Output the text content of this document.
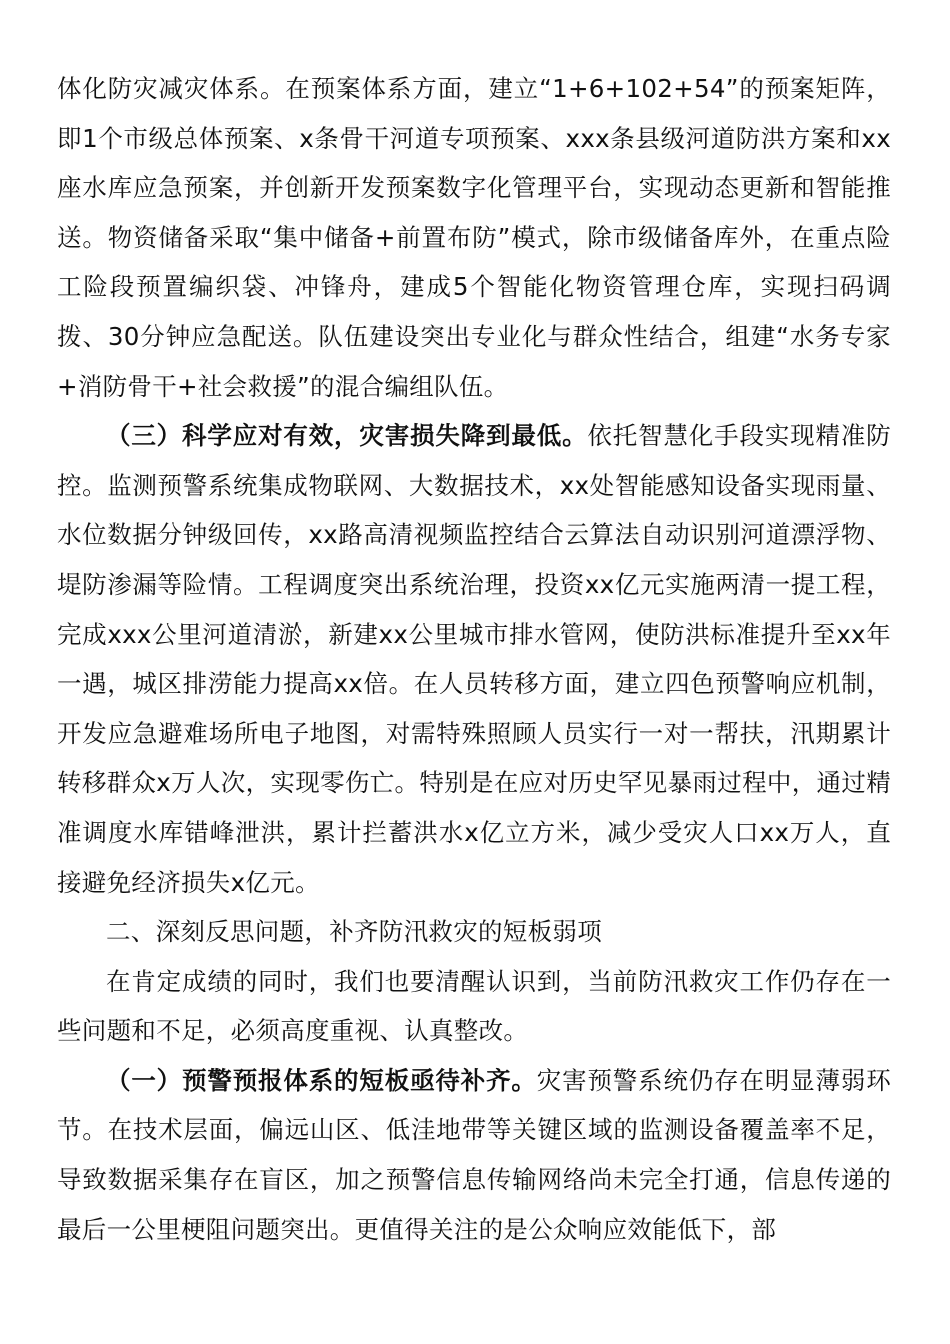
体化防灾减灾体系。在预案体系方面，建立“1+6+102+54”的预案矩阵，即1个市级总体预案、x条骨干河道专项预案、xxx条县级河道防洪方案和xx座水库应急预案，并创新开发预案数字化管理平台，实现动态更新和智能推送。物资储备采取“集中储备+前置布防”模式，除市级储备库外，在重点险工险段预置编织袋、冲锋舟，建成5个智能化物资管理仓库，实现扫码调拨、30分钟应急配送。队伍建设突出专业化与群众性结合，组建“水务专家+消防骨干+社会救援”的混合编组队伍。

（三）科学应对有效，灾害损失降到最低。依托智慧化手段实现精准防控。监测预警系统集成物联网、大数据技术，xx处智能感知设备实现雨量、水位数据分钟级回传，xx路高清视频监控结合云算法自动识别河道漂浮物、堤防渗漏等险情。工程调度突出系统治理，投资xx亿元实施两清一提工程，完成xxx公里河道清淤，新建xx公里城市排水管网，使防洪标准提升至xx年一遇，城区排涝能力提高xx倍。在人员转移方面，建立四色预警响应机制，开发应急避难场所电子地图，对需特殊照顾人员实行一对一帮扶，汛期累计转移群众x万人次，实现零伤亡。特别是在应对历史罕见暴雨过程中，通过精准调度水库错峰泄洪，累计拦蓄洪水x亿立方米，减少受灾人口xx万人，直接避免经济损失x亿元。

二、深刻反思问题，补齐防汛救灾的短板弱项

在肯定成绩的同时，我们也要清醒认识到，当前防汛救灾工作仍存在一些问题和不足，必须高度重视、认真整改。

（一）预警预报体系的短板亟待补齐。灾害预警系统仍存在明显薄弱环节。在技术层面，偏远山区、低洼地带等关键区域的监测设备覆盖率不足，导致数据采集存在盲区，加之预警信息传输网络尚未完全打通，信息传递的最后一公里梗阻问题突出。更值得关注的是公众响应效能低下，部
